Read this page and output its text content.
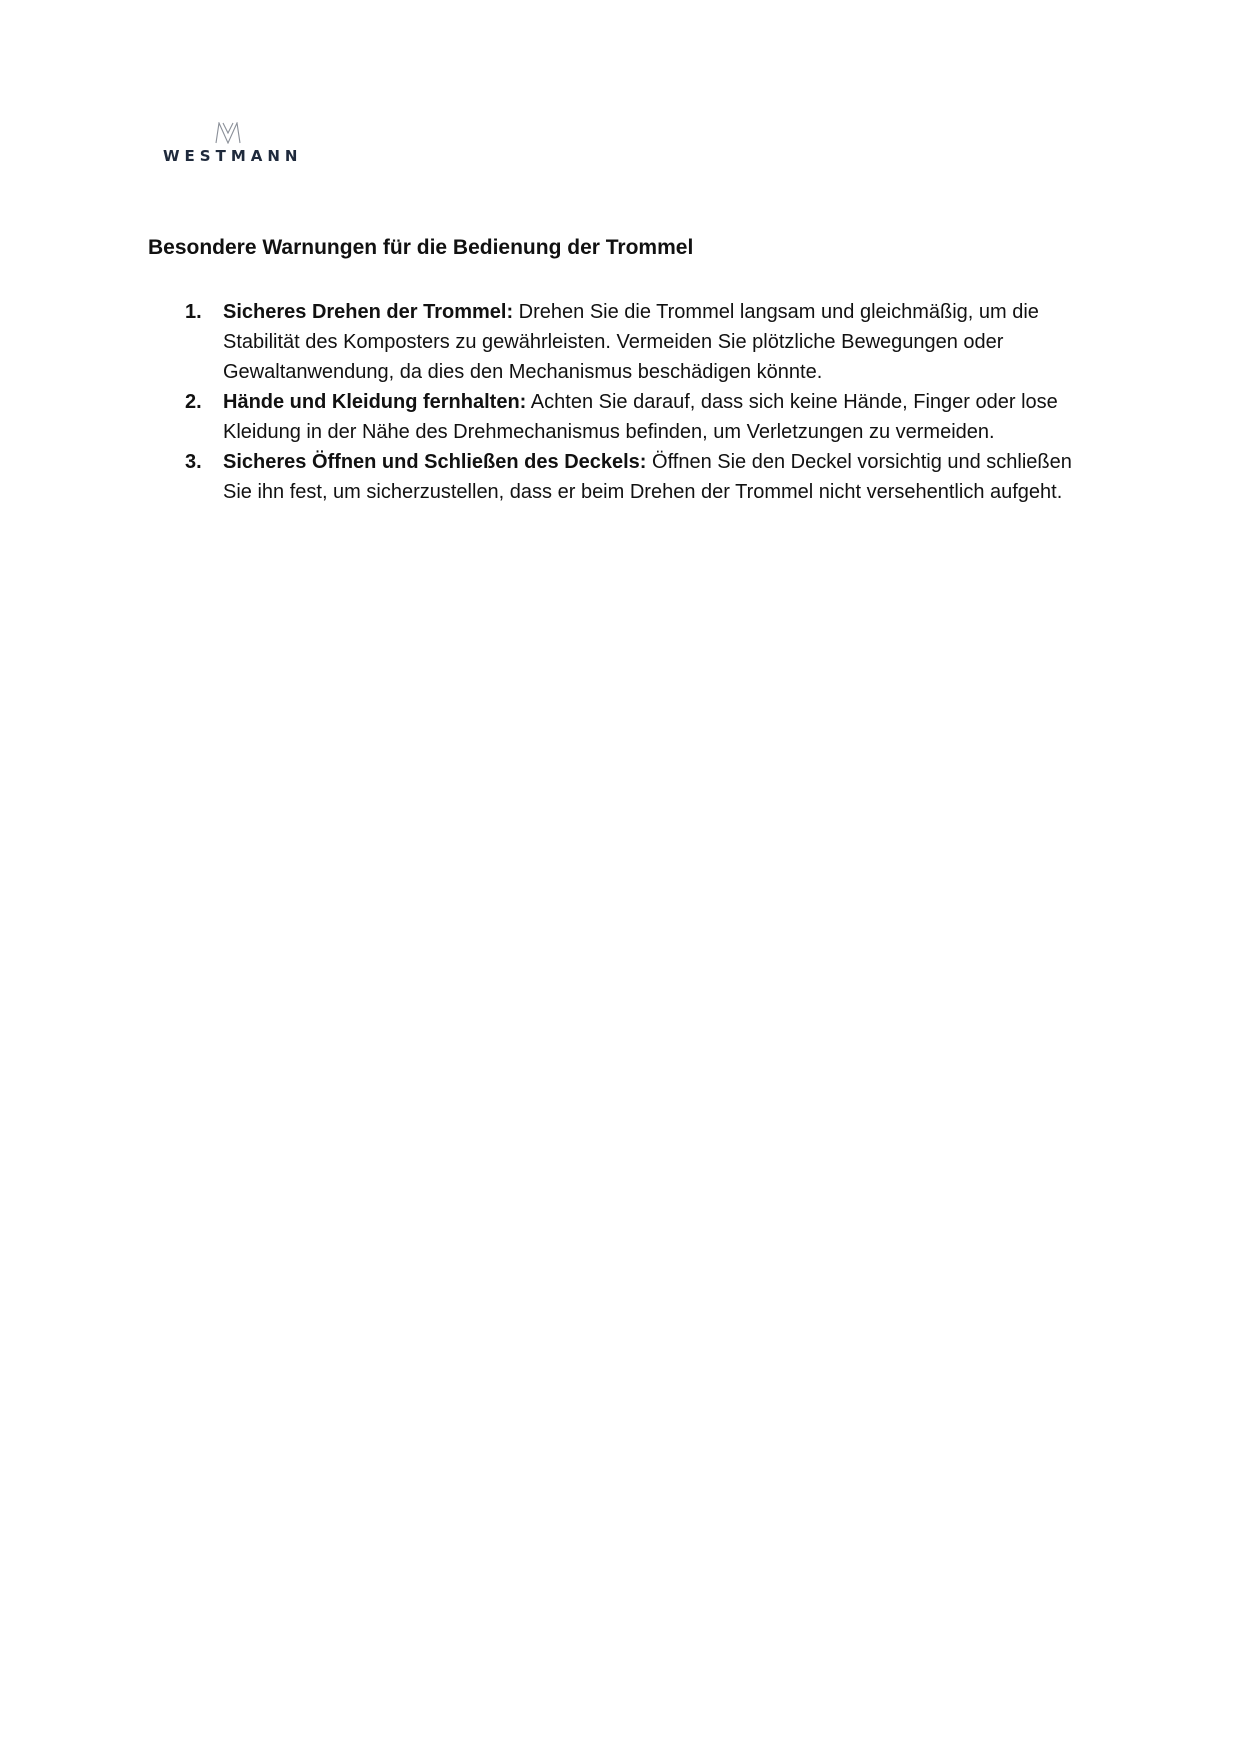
WESTMANN
Besondere Warnungen für die Bedienung der Trommel
1. Sicheres Drehen der Trommel: Drehen Sie die Trommel langsam und gleichmäßig, um die Stabilität des Komposters zu gewährleisten. Vermeiden Sie plötzliche Bewegungen oder Gewaltanwendung, da dies den Mechanismus beschädigen könnte.
2. Hände und Kleidung fernhalten: Achten Sie darauf, dass sich keine Hände, Finger oder lose Kleidung in der Nähe des Drehmechanismus befinden, um Verletzungen zu vermeiden.
3. Sicheres Öffnen und Schließen des Deckels: Öffnen Sie den Deckel vorsichtig und schließen Sie ihn fest, um sicherzustellen, dass er beim Drehen der Trommel nicht versehentlich aufgeht.
